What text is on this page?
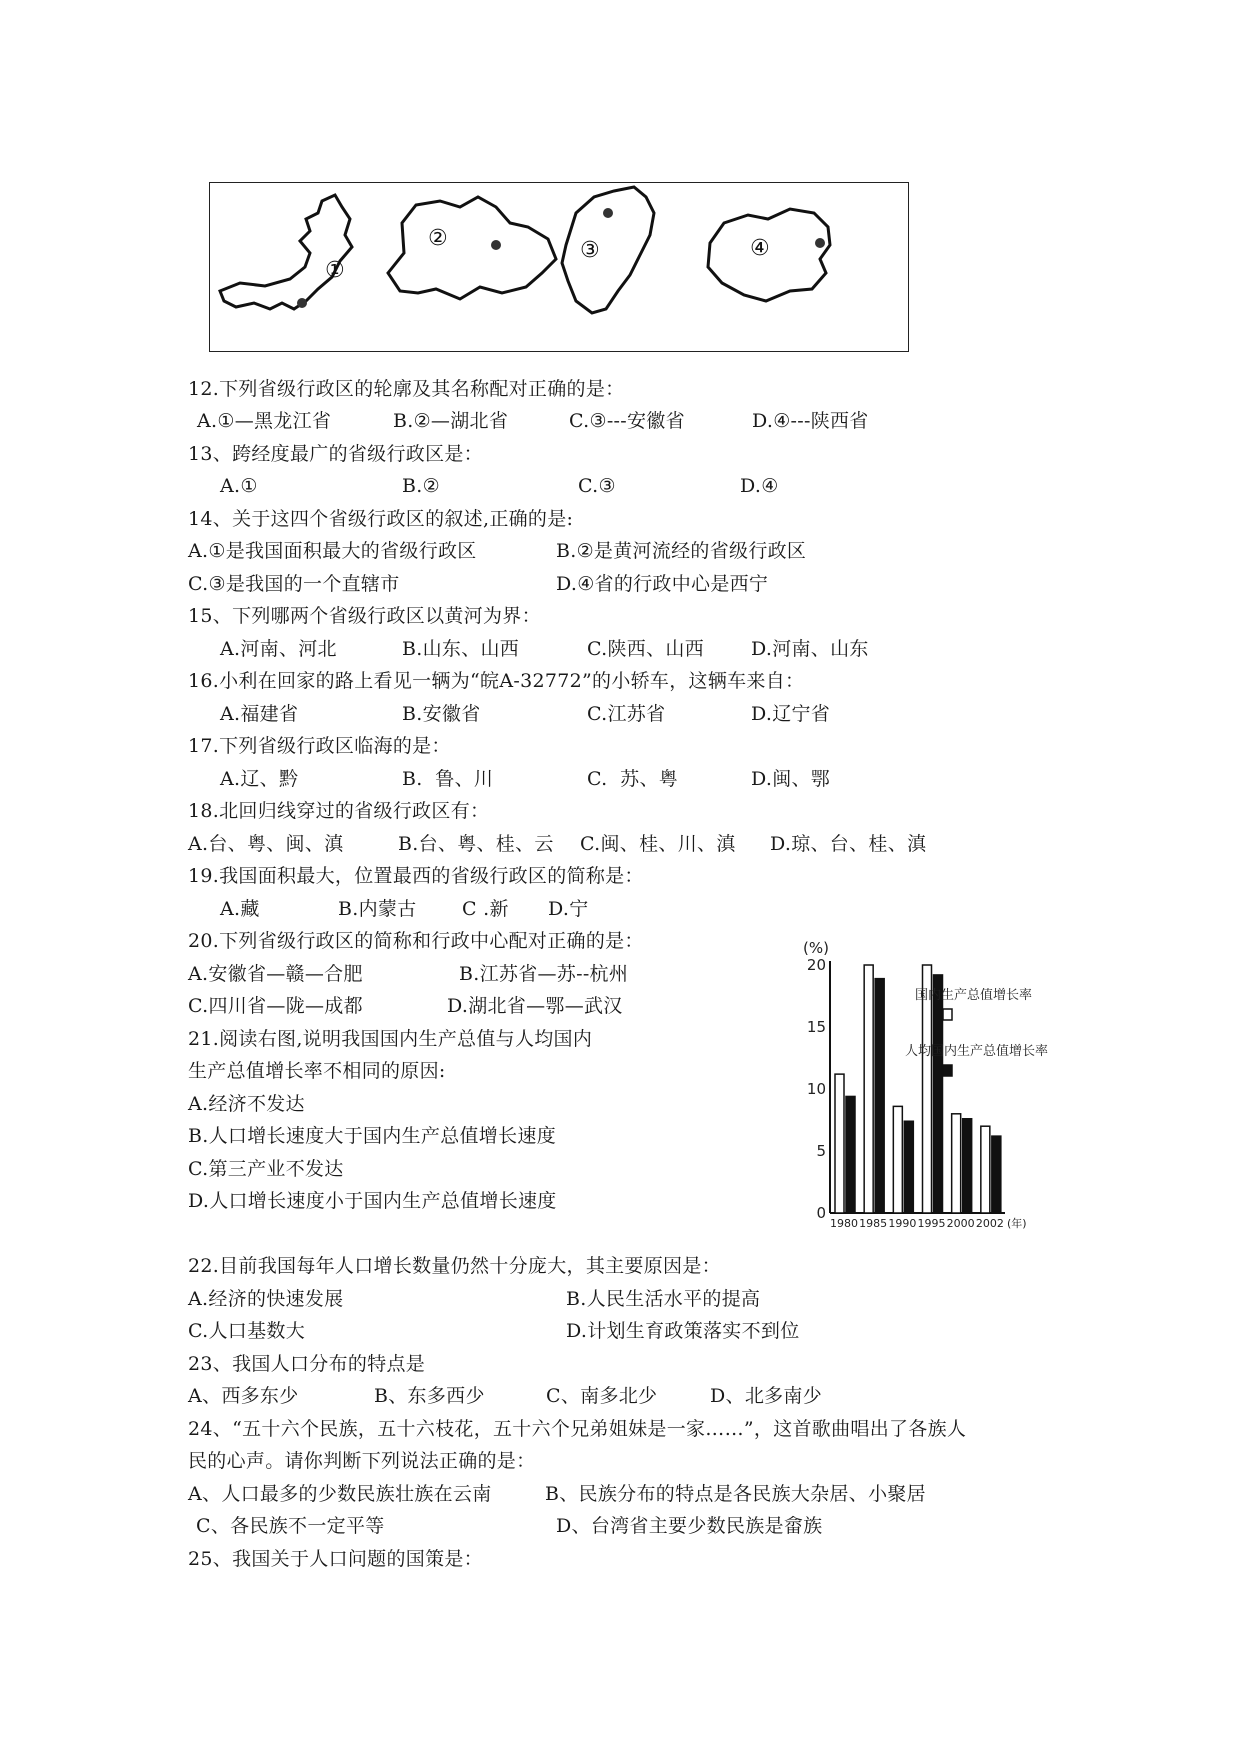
①
②	③	④
12.下列省级行政区的轮廓及其名称配对正确的是：
A.①—黑龙江省	B.②—湖北省	C.③---安徽省	D.④---陕西省
13、跨经度最广的省级行政区是：
A.①	B.②	C.③	D.④
14、关于这四个省级行政区的叙述,正确的是:
A.①是我国面积最大的省级行政区	B.②是黄河流经的省级行政区
C.③是我国的一个直辖市	D.④省的行政中心是西宁
15、下列哪两个省级行政区以黄河为界：
A.河南、河北	B.山东、山西	C.陕西、山西 D.河南、山东
16.小利在回家的路上看见一辆为“皖A-32772”的小轿车，这辆车来自：
A.福建省	B.安徽省	C.江苏省	D.辽宁省
17.下列省级行政区临海的是：
A.辽、黔	B.  鲁、川	C.  苏、粤	D.闽、鄂
18.北回归线穿过的省级行政区有：
A.台、粤、闽、滇	B.台、粤、桂、云 C.闽、桂、川、滇 D.琼、台、桂、滇
19.我国面积最大，位置最西的省级行政区的简称是：
A.藏	B.内蒙古 C .新 D.宁
20.下列省级行政区的简称和行政中心配对正确的是：
A.安徽省—赣—合肥	B.江苏省—苏--杭州
C.四川省—陇—成都	D.湖北省—鄂—武汉
21.阅读右图,说明我国国内生产总值与人均国内
生产总值增长率不相同的原因:
A.经济不发达
B.人口增长速度大于国内生产总值增长速度
C.第三产业不发达
D.人口增长速度小于国内生产总值增长速度
(%)
0
5
10
15
20
1980 1985 1990 1995 2000 2002 (年)
国内生产总值增长率
人均国内生产总值增长率
22.目前我国每年人口增长数量仍然十分庞大，其主要原因是：
A.经济的快速发展	B.人民生活水平的提高
C.人口基数大	D.计划生育政策落实不到位
23、我国人口分布的特点是
A、西多东少	B、东多西少	C、南多北少	D、北多南少
24、“五十六个民族，五十六枝花，五十六个兄弟姐妹是一家……”，这首歌曲唱出了各族人
民的心声。请你判断下列说法正确的是：
A、人口最多的少数民族壮族在云南	B、民族分布的特点是各民族大杂居、小聚居
C、各民族不一定平等	D、台湾省主要少数民族是畲族
25、我国关于人口问题的国策是：
